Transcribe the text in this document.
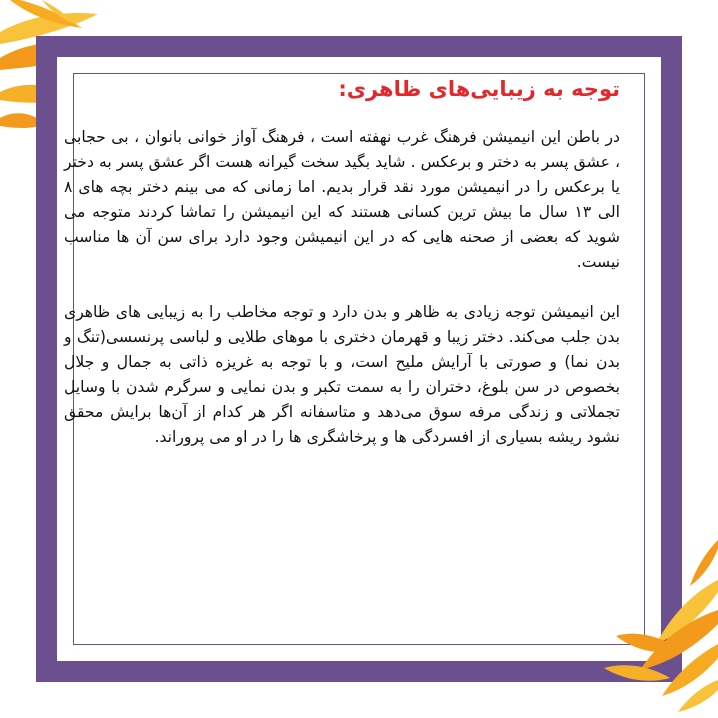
توجه به زیبایی‌های ظاهری:

در باطن این انیمیشن فرهنگ غرب نهفته است ، فرهنگ آواز خوانی بانوان ، بی حجابی ، عشق پسر به دختر و برعکس . شاید بگید سخت گیرانه هست اگر عشق پسر به دختر یا برعکس را در انیمیشن مورد نقد قرار بدیم. اما زمانی که می بینم دختر بچه های ۸ الی ۱۳ سال ما بیش ترین کسانی هستند که این انیمیشن را تماشا کردند متوجه می شوید که بعضی از صحنه هایی که در این انیمیشن وجود دارد برای سن آن ها مناسب نیست.

این انیمیشن توجه زیادی به ظاهر و بدن دارد و توجه مخاطب را به زیبایی های ظاهری بدن جلب می‌کند. دختر زیبا و قهرمان دختری با موهای طلایی و لباسی پرنسسی(تنگ و بدن نما) و صورتی با آرایش ملیح است، و با توجه به غریزه ذاتی به جمال و جلال بخصوص در سن بلوغ، دختران را به سمت تکبر و بدن نمایی و سرگرم شدن با وسایل تجملاتی و زندگی مرفه سوق می‌دهد و متاسفانه اگر هر کدام از آن‌ها برایش محقق نشود ریشه بسیاری از افسردگی ها و پرخاشگری ها را در او می پروراند.
